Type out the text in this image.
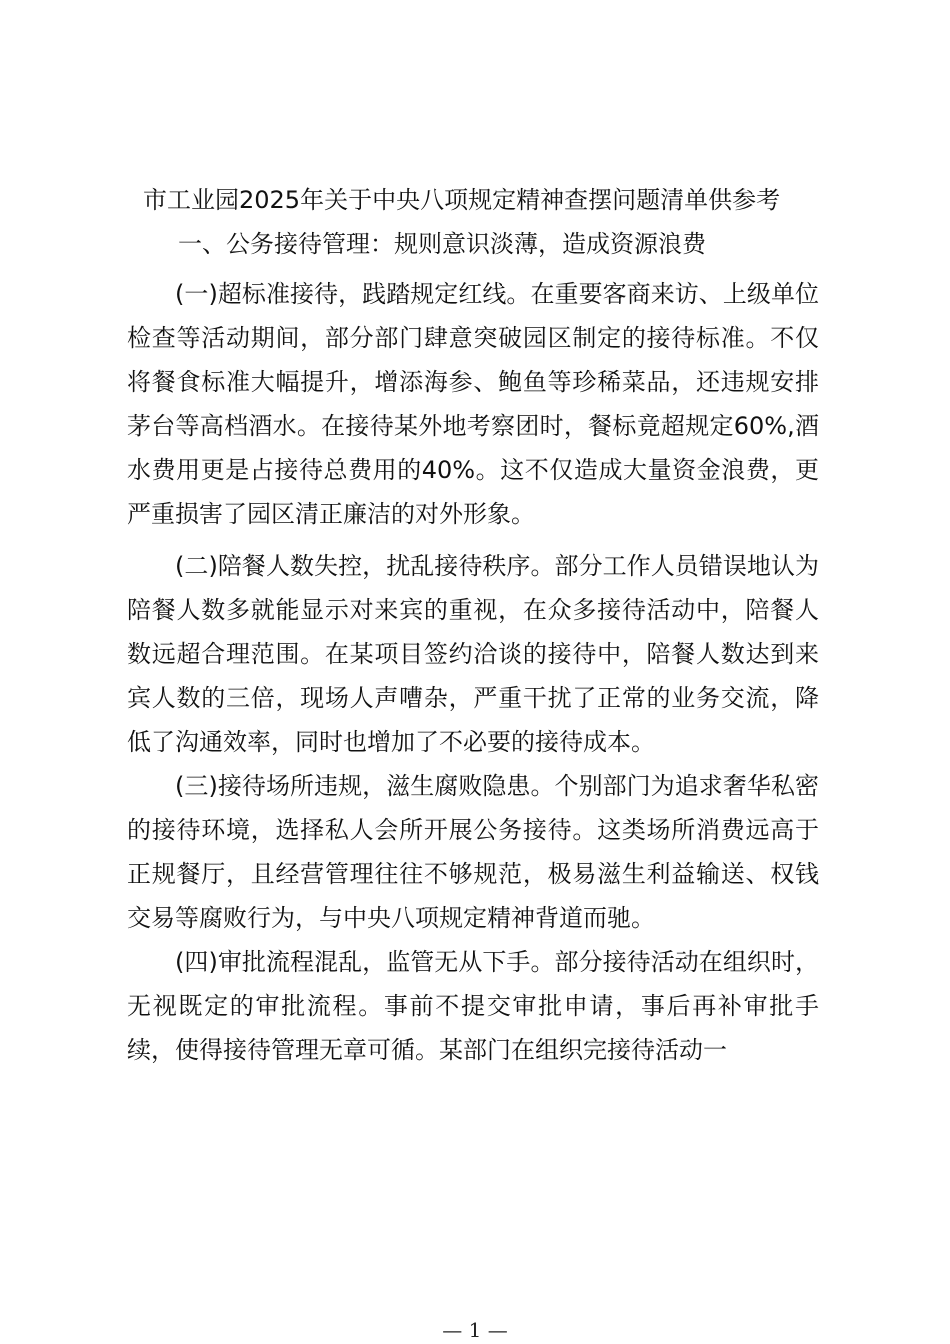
市工业园2025年关于中央八项规定精神查摆问题清单供参考
一、公务接待管理：规则意识淡薄，造成资源浪费

(一)超标准接待，践踏规定红线。在重要客商来访、上级单位检查等活动期间，部分部门肆意突破园区制定的接待标准。不仅将餐食标准大幅提升，增添海参、鲍鱼等珍稀菜品，还违规安排茅台等高档酒水。在接待某外地考察团时，餐标竟超规定60%,酒水费用更是占接待总费用的40%。这不仅造成大量资金浪费，更严重损害了园区清正廉洁的对外形象。

(二)陪餐人数失控，扰乱接待秩序。部分工作人员错误地认为陪餐人数多就能显示对来宾的重视，在众多接待活动中，陪餐人数远超合理范围。在某项目签约洽谈的接待中，陪餐人数达到来宾人数的三倍，现场人声嘈杂，严重干扰了正常的业务交流，降低了沟通效率，同时也增加了不必要的接待成本。

(三)接待场所违规，滋生腐败隐患。个别部门为追求奢华私密的接待环境，选择私人会所开展公务接待。这类场所消费远高于正规餐厅，且经营管理往往不够规范，极易滋生利益输送、权钱交易等腐败行为，与中央八项规定精神背道而驰。

(四)审批流程混乱，监管无从下手。部分接待活动在组织时，无视既定的审批流程。事前不提交审批申请，事后再补审批手续，使得接待管理无章可循。某部门在组织完接待活动一

— 1 —
